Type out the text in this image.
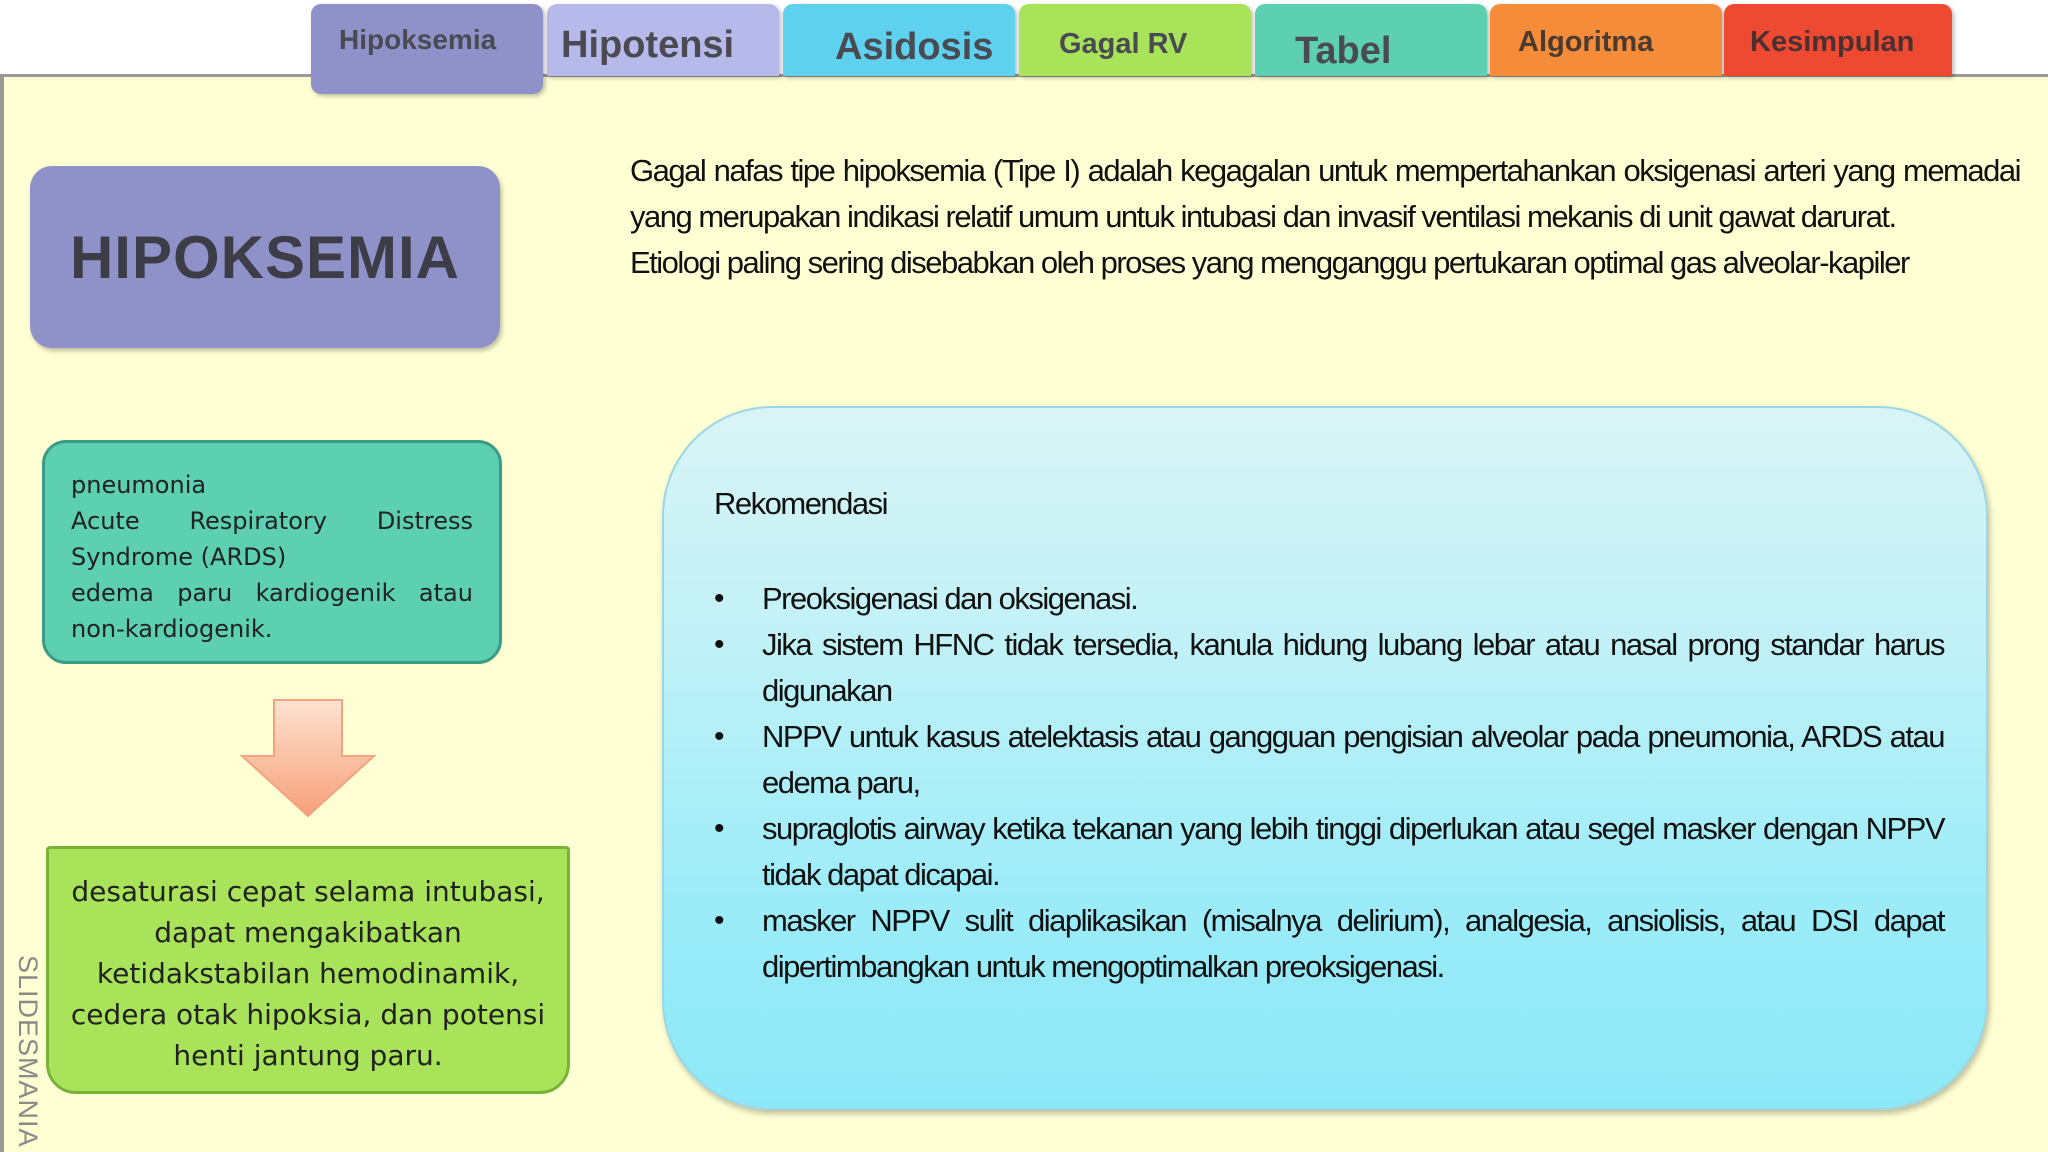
Hipoksemia	Hipotensi	Asidosis Gagal RV	Tabel	Algoritma	Kesimpulan
HIPOKSEMIA
pneumonia
Acute Respiratory Distress
Syndrome (ARDS)
edema paru kardiogenik atau
non-kardiogenik.
desaturasi cepat selama intubasi, dapat mengakibatkan ketidakstabilan hemodinamik, cedera otak hipoksia, dan potensi henti jantung paru.
SLIDESMANIA

Gagal nafas tipe hipoksemia (Tipe I) adalah kegagalan untuk mempertahankan oksigenasi arteri yang memadai yang merupakan indikasi relatif umum untuk intubasi dan invasif ventilasi mekanis di unit gawat darurat.

Etiologi paling sering disebabkan oleh proses yang mengganggu pertukaran optimal gas alveolar-kapiler

Rekomendasi
• Preoksigenasi dan oksigenasi.
• Jika sistem HFNC tidak tersedia, kanula hidung lubang lebar atau nasal prong standar harus digunakan
• NPPV untuk kasus atelektasis atau gangguan pengisian alveolar pada pneumonia, ARDS atau edema paru,
• supraglotis airway ketika tekanan yang lebih tinggi diperlukan atau segel masker dengan NPPV tidak dapat dicapai.
• masker NPPV sulit diaplikasikan (misalnya delirium), analgesia, ansiolisis, atau DSI dapat dipertimbangkan untuk mengoptimalkan preoksigenasi.
